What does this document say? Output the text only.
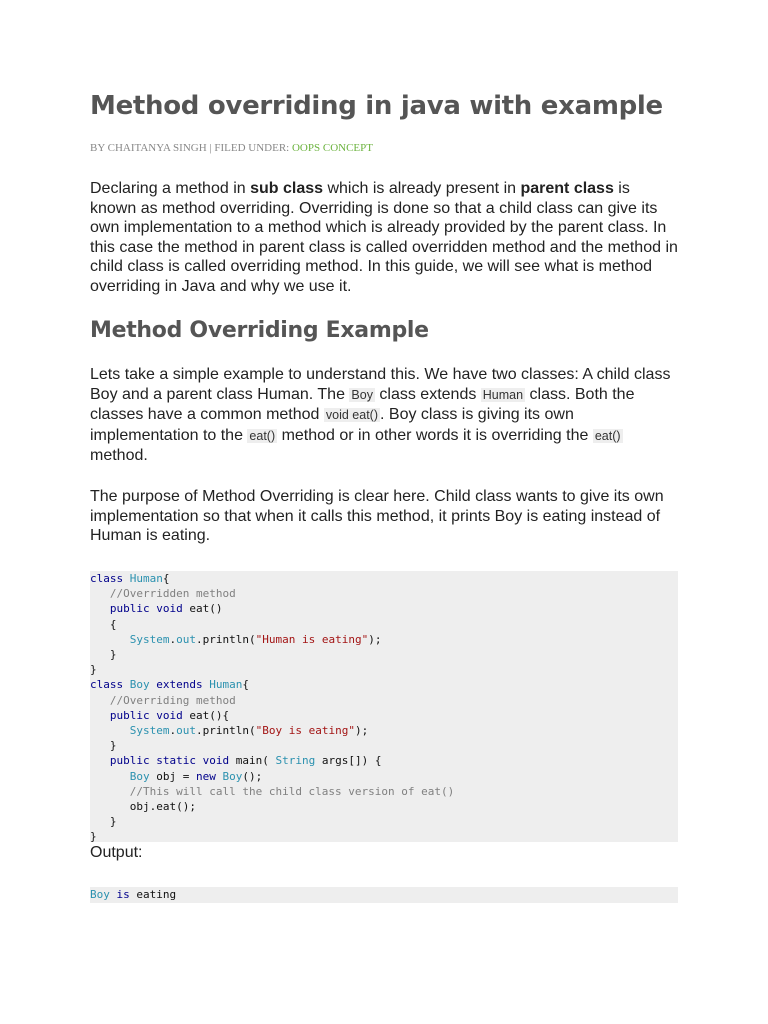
Method overriding in java with example
BY CHAITANYA SINGH | FILED UNDER: OOPS CONCEPT

Declaring a method in sub class which is already present in parent class is known as method overriding. Overriding is done so that a child class can give its own implementation to a method which is already provided by the parent class. In this case the method in parent class is called overridden method and the method in child class is called overriding method. In this guide, we will see what is method overriding in Java and why we use it.

Method Overriding Example

Lets take a simple example to understand this. We have two classes: A child class Boy and a parent class Human. The Boy class extends Human class. Both the classes have a common method void eat() . Boy class is giving its own implementation to the eat() method or in other words it is overriding the eat() method.

The purpose of Method Overriding is clear here. Child class wants to give its own implementation so that when it calls this method, it prints Boy is eating instead of Human is eating.

class Human{
//Overridden method
public void eat()
{
System.out.println("Human is eating");
}
}
class Boy extends Human{
//Overriding method
public void eat(){
System.out.println("Boy is eating");
}
public static void main( String args[]) {
Boy obj = new Boy();
//This will call the child class version of eat()
obj.eat();
}
}
Output:
Boy is eating
